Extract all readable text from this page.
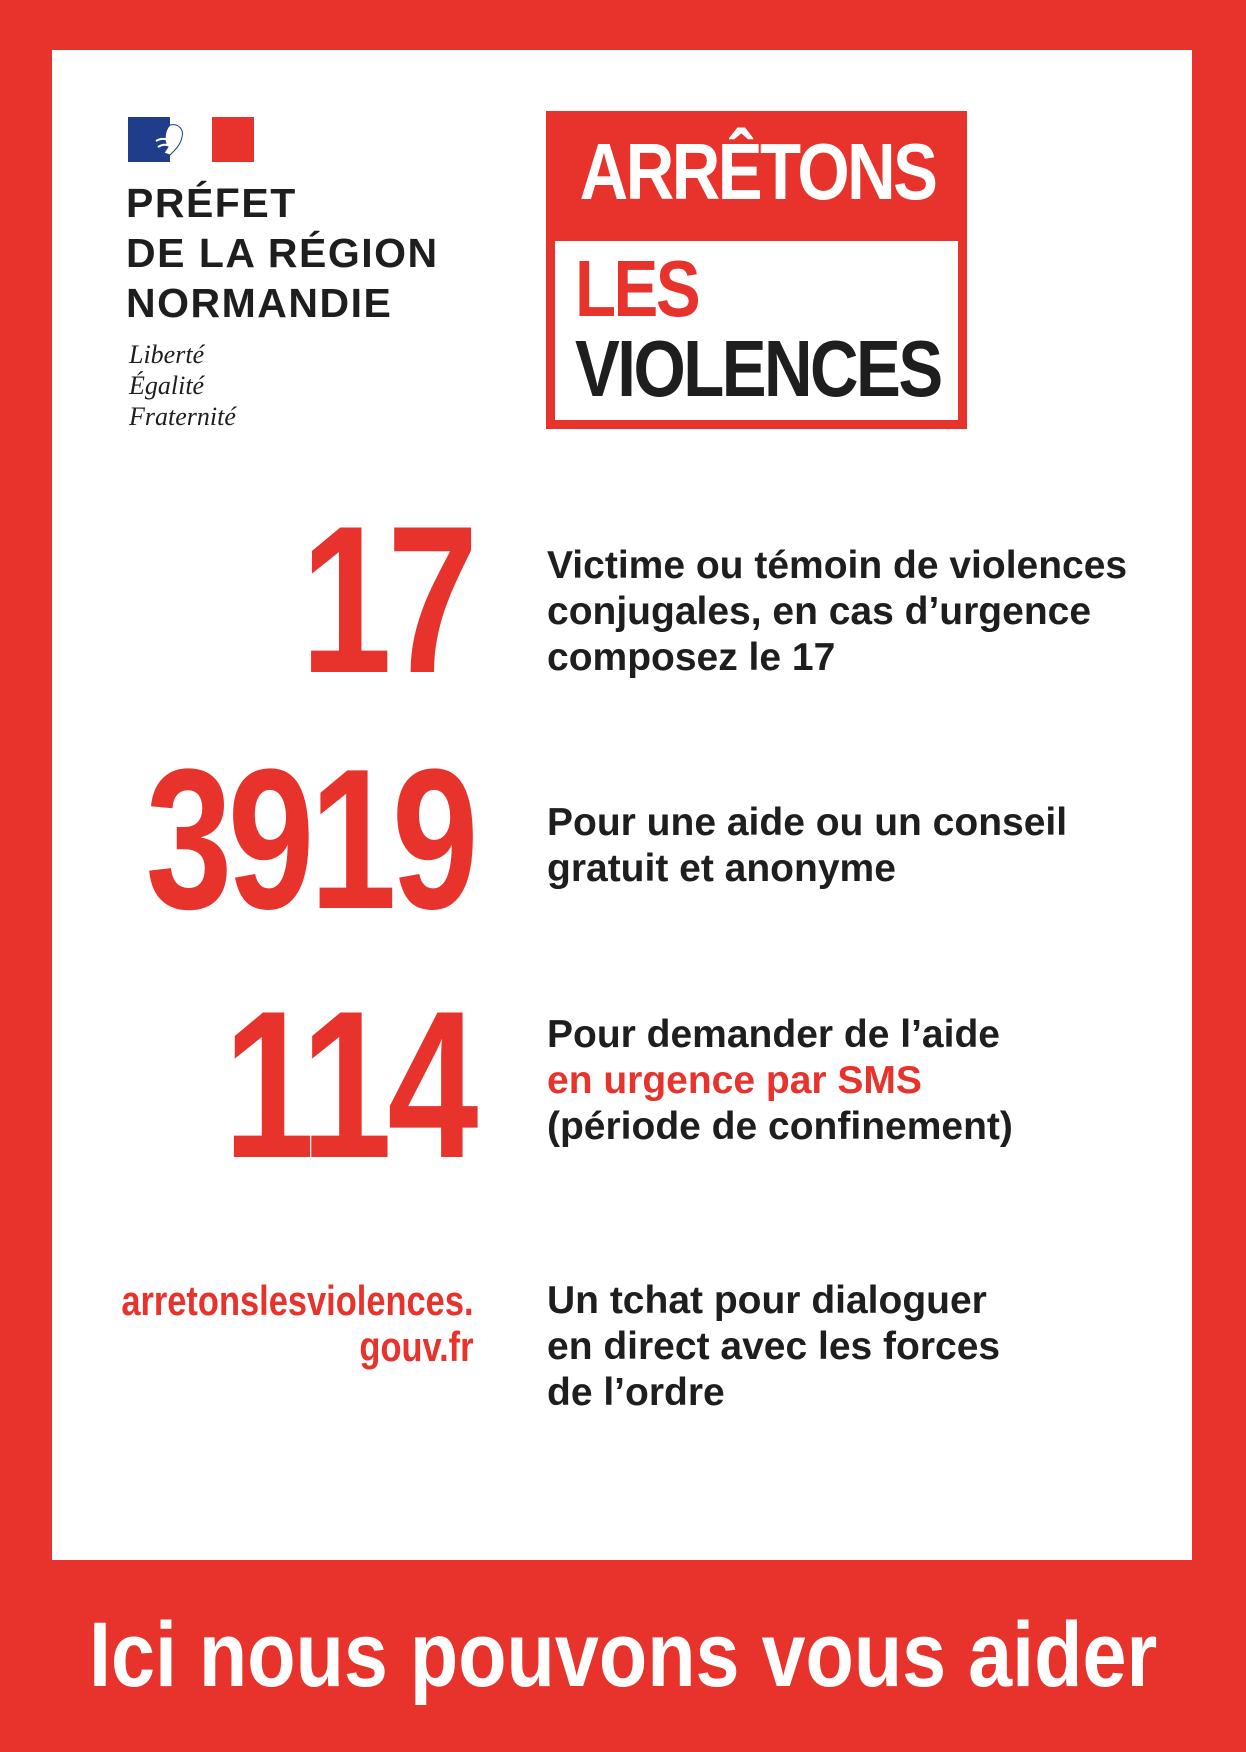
PRÉFET
DE LA RÉGION
NORMANDIE
Liberté
Égalité
Fraternité
ARRÊTONS
LES
VIOLENCES
17 Victime ou témoin de violences
conjugales, en cas d’urgence
composez le 17
3919 Pour une aide ou un conseil
gratuit et anonyme
114 Pour demander de l’aide
en urgence par SMS
(période de confinement)
arretonslesviolences.
gouv.fr
Un tchat pour dialoguer
en direct avec les forces
de l’ordre
Ici nous pouvons vous aider
